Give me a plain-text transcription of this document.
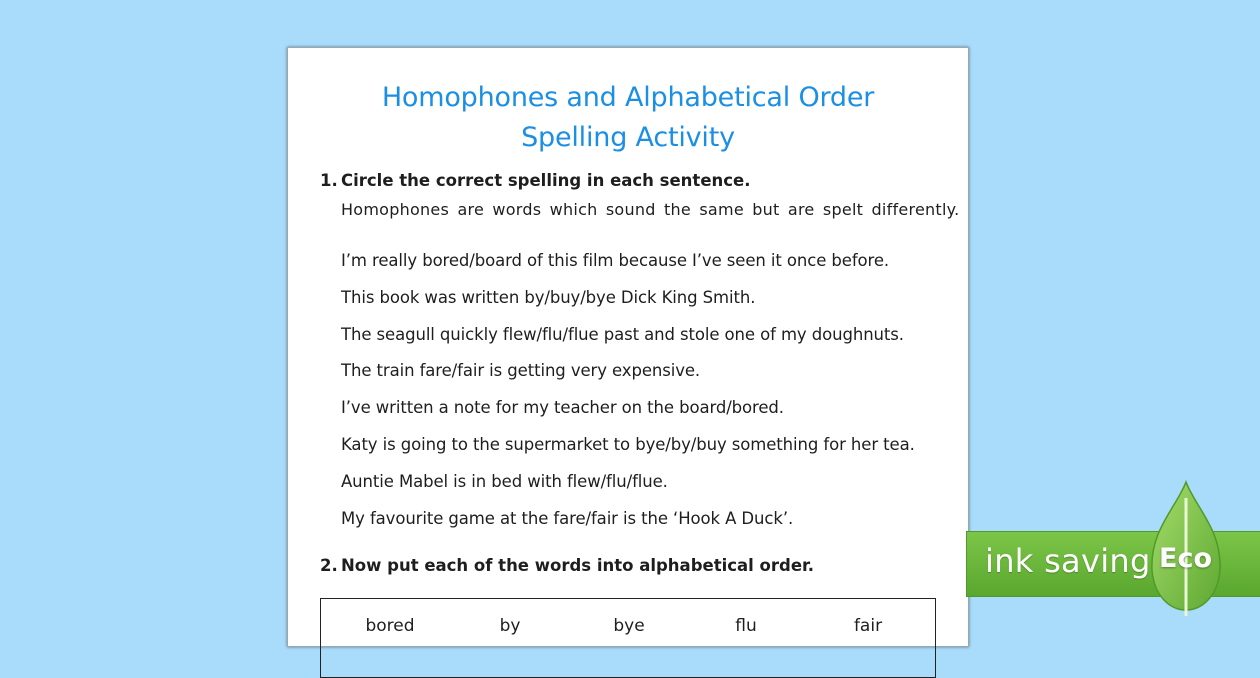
Homophones and Alphabetical Order
Spelling Activity
1. Circle the correct spelling in each sentence.
Homophones are words which sound the same but are spelt differently.
I’m really bored/board of this film because I’ve seen it once before.
This book was written by/buy/bye Dick King Smith.
The seagull quickly flew/flu/flue past and stole one of my doughnuts.
The train fare/fair is getting very expensive.
I’ve written a note for my teacher on the board/bored.
Katy is going to the supermarket to bye/by/buy something for her tea.
Auntie Mabel is in bed with flew/flu/flue.
My favourite game at the fare/fair is the ‘Hook A Duck’.
2. Now put each of the words into alphabetical order.
bored	by	bye	flu	fair
ink saving Eco
